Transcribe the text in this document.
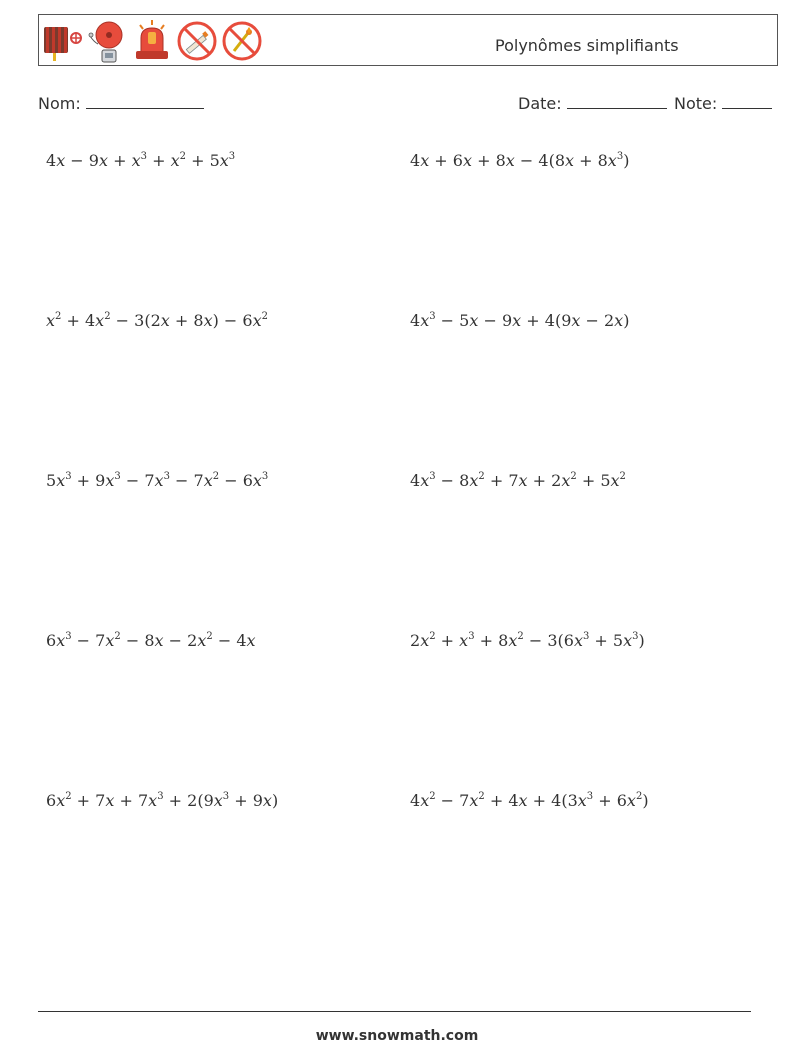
Polynômes simplifiants
Nom:	Date:	Note:
$4x - 9x + x^3 + x^2 + 5x^3$	$4x + 6x + 8x - 4(8x + 8x^3)$
$x^2 + 4x^2 - 3(2x + 8x) - 6x^2$	$4x^3 - 5x - 9x + 4(9x - 2x)$
$5x^3 + 9x^3 - 7x^3 - 7x^2 - 6x^3$	$4x^3 - 8x^2 + 7x + 2x^2 + 5x^2$
$6x^3 - 7x^2 - 8x - 2x^2 - 4x$	$2x^2 + x^3 + 8x^2 - 3(6x^3 + 5x^3)$
$6x^2 + 7x + 7x^3 + 2(9x^3 + 9x)$	$4x^2 - 7x^2 + 4x + 4(3x^3 + 6x^2)$
www.snowmath.com
